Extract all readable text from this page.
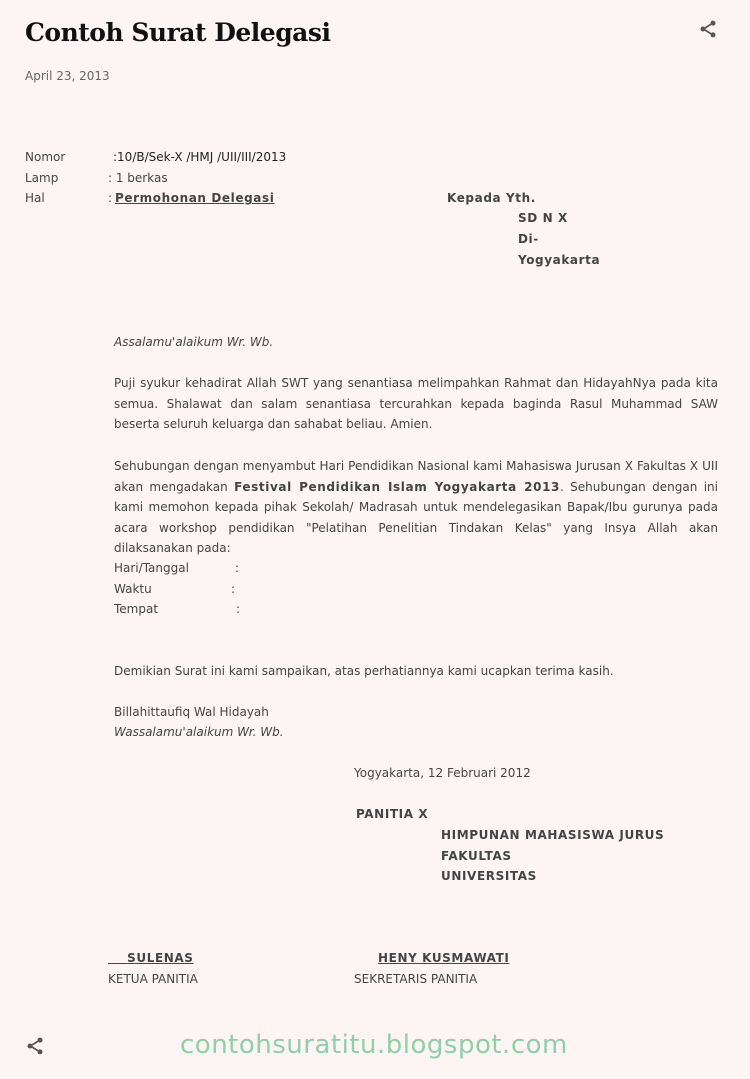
Contoh Surat Delegasi
April 23, 2013
Nomor	:10/B/Sek-X /HMJ /UII/III/2013
Lamp	: 1 berkas
Hal	: Permohonan Delegasi	Kepada Yth.
SD N X
Di-
Yogyakarta
Assalamu'alaikum Wr. Wb.
Puji syukur kehadirat Allah SWT yang senantiasa melimpahkan Rahmat dan HidayahNya pada kita semua. Shalawat dan salam senantiasa tercurahkan kepada baginda Rasul Muhammad SAW beserta seluruh keluarga dan sahabat beliau. Amien.
Sehubungan dengan menyambut Hari Pendidikan Nasional kami Mahasiswa Jurusan X Fakultas X UII akan mengadakan Festival Pendidikan Islam Yogyakarta 2013. Sehubungan dengan ini kami memohon kepada pihak Sekolah/ Madrasah untuk mendelegasikan Bapak/Ibu gurunya pada acara workshop pendidikan "Pelatihan Penelitian Tindakan Kelas" yang Insya Allah akan dilaksanakan pada:
Hari/Tanggal	:
Waktu	:
Tempat	:
Demikian Surat ini kami sampaikan, atas perhatiannya kami ucapkan terima kasih.
Billahittaufiq Wal Hidayah
Wassalamu'alaikum Wr. Wb.
Yogyakarta, 12 Februari 2012
PANITIA X
HIMPUNAN MAHASISWA JURUS
FAKULTAS
UNIVERSITAS
SULENAS
KETUA PANITIA
HENY KUSMAWATI
SEKRETARIS PANITIA
contohsuratitu.blogspot.com
